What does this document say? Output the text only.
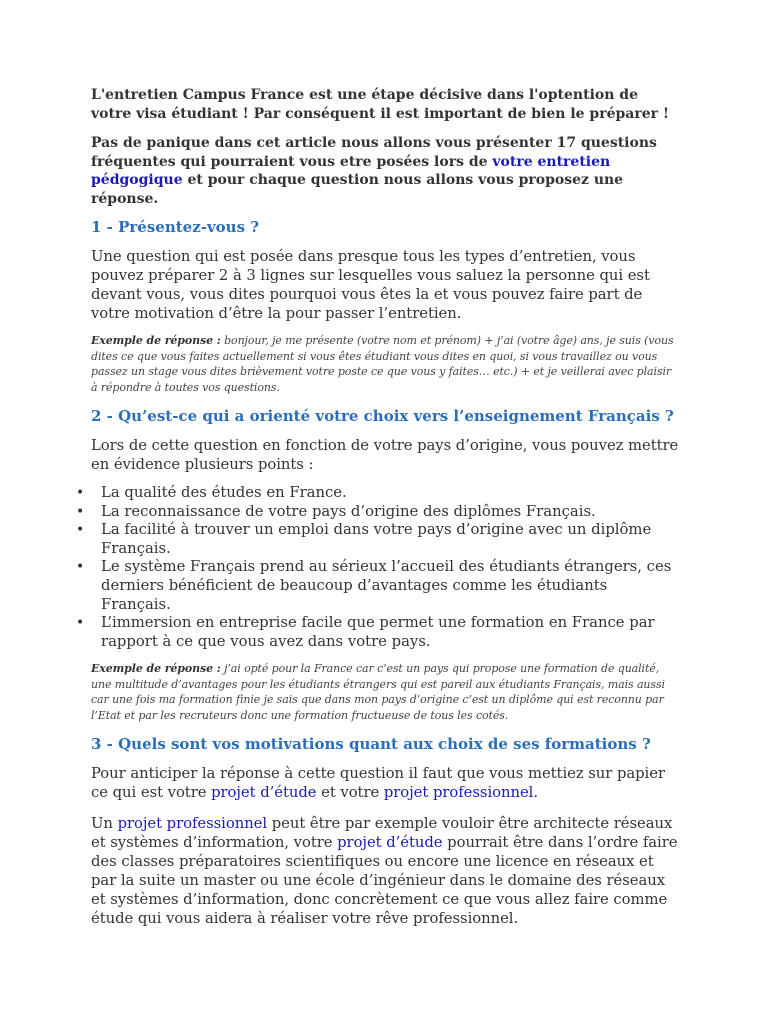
L'entretien Campus France est une étape décisive dans l'optention de votre visa étudiant ! Par conséquent il est important de bien le préparer !

Pas de panique dans cet article nous allons vous présenter 17 questions fréquentes qui pourraient vous etre posées lors de votre entretien pédgogique et pour chaque question nous allons vous proposez une réponse.

1 - Présentez-vous ?

Une question qui est posée dans presque tous les types d’entretien, vous pouvez préparer 2 à 3 lignes sur lesquelles vous saluez la personne qui est devant vous, vous dites pourquoi vous êtes la et vous pouvez faire part de votre motivation d’être la pour passer l’entretien.

Exemple de réponse : bonjour, je me présente (votre nom et prénom) + j’ai (votre âge) ans, je suis (vous dites ce que vous faites actuellement si vous êtes étudiant vous dites en quoi, si vous travaillez ou vous passez un stage vous dites brièvement votre poste ce que vous y faites… etc.) + et je veillerai avec plaisir à répondre à toutes vos questions.

2 - Qu’est-ce qui a orienté votre choix vers l’enseignement Français ?

Lors de cette question en fonction de votre pays d’origine, vous pouvez mettre en évidence plusieurs points :

• La qualité des études en France.
• La reconnaissance de votre pays d’origine des diplômes Français.
• La facilité à trouver un emploi dans votre pays d’origine avec un diplôme Français.
• Le système Français prend au sérieux l’accueil des étudiants étrangers, ces derniers bénéficient de beaucoup d’avantages comme les étudiants Français.
• L’immersion en entreprise facile que permet une formation en France par rapport à ce que vous avez dans votre pays.

Exemple de réponse : j’ai opté pour la France car c’est un pays qui propose une formation de qualité, une multitude d’avantages pour les étudiants étrangers qui est pareil aux étudiants Français, mais aussi car une fois ma formation finie je sais que dans mon pays d’origine c’est un diplôme qui est reconnu par l’Etat et par les recruteurs donc une formation fructueuse de tous les cotés.

3 - Quels sont vos motivations quant aux choix de ses formations ?

Pour anticiper la réponse à cette question il faut que vous mettiez sur papier ce qui est votre projet d’étude et votre projet professionnel.

Un projet professionnel peut être par exemple vouloir être architecte réseaux et systèmes d’information, votre projet d’étude pourrait être dans l’ordre faire des classes préparatoires scientifiques ou encore une licence en réseaux et par la suite un master ou une école d’ingénieur dans le domaine des réseaux et systèmes d’information, donc concrètement ce que vous allez faire comme étude qui vous aidera à réaliser votre rêve professionnel.
